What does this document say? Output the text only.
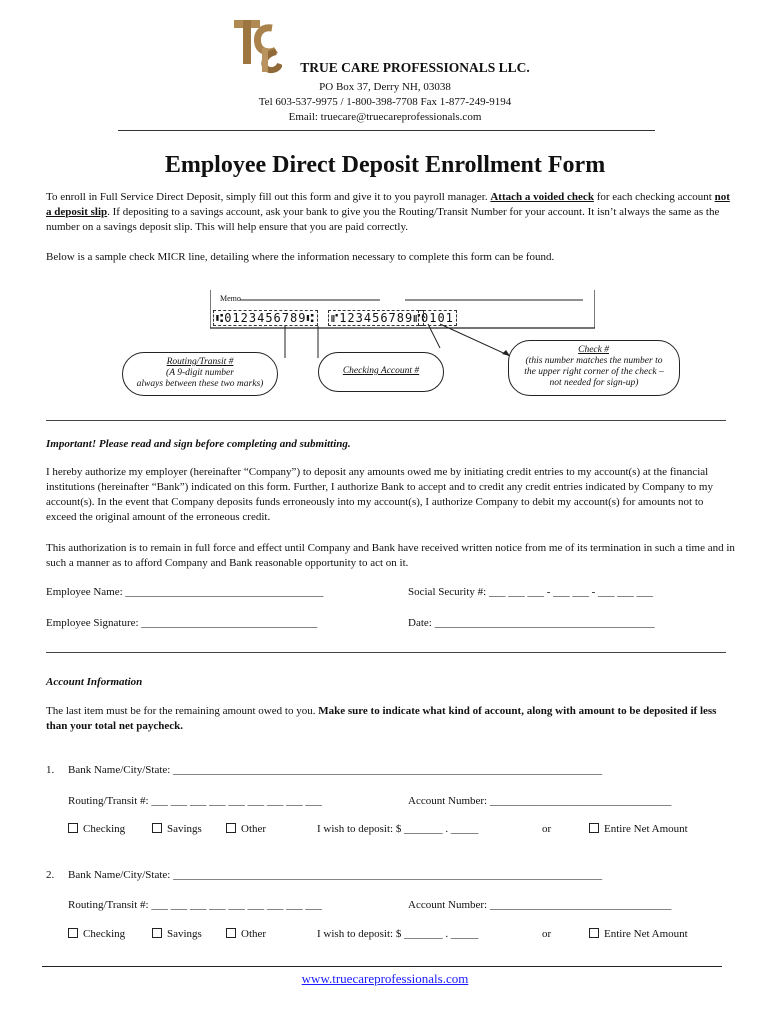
TRUE CARE PROFESSIONALS LLC.
PO Box 37, Derry NH, 03038
Tel 603-537-9975 / 1-800-398-7708 Fax 1-877-249-9194
Email: truecare@truecareprofessionals.com
Employee Direct Deposit Enrollment Form
To enroll in Full Service Direct Deposit, simply fill out this form and give it to you payroll manager. Attach a voided check for each checking account not a deposit slip. If depositing to a savings account, ask your bank to give you the Routing/Transit Number for your account. It isn’t always the same as the number on a savings deposit slip. This will help ensure that you are paid correctly.
Below is a sample check MICR line, detailing where the information necessary to complete this form can be found.
Memo
⑆0123456789⑆ ⑈123456789⑈ 0101
Routing/Transit #
(A 9-digit number
always between these two marks)
Checking Account #
Check #
(this number matches the number to
the upper right corner of the check –
not needed for sign-up)
Important! Please read and sign before completing and submitting.
I hereby authorize my employer (hereinafter “Company”) to deposit any amounts owed me by initiating credit entries to my account(s) at the financial institutions (hereinafter “Bank”) indicated on this form. Further, I authorize Bank to accept and to credit any credit entries indicated by Company to my account(s). In the event that Company deposits funds erroneously into my account(s), I authorize Company to debit my account(s) for amounts not to exceed the original amount of the erroneous credit.
This authorization is to remain in full force and effect until Company and Bank have received written notice from me of its termination in such a time and in such a manner as to afford Company and Bank reasonable opportunity to act on it.
Employee Name: ____________________________________	Social Security #: ___ ___ ___ - ___ ___ - ___ ___ ___
Employee Signature: ________________________________	Date: ________________________________________
Account Information
The last item must be for the remaining amount owed to you. Make sure to indicate what kind of account, along with amount to be deposited if less than your total net paycheck.
1. Bank Name/City/State: ______________________________________________________________________________
Routing/Transit #: ___ ___ ___ ___ ___ ___ ___ ___ ___	Account Number: _________________________________
Checking	Savings	Other	I wish to deposit: $ _______ . _____	or	Entire Net Amount
2. Bank Name/City/State: ______________________________________________________________________________
Routing/Transit #: ___ ___ ___ ___ ___ ___ ___ ___ ___	Account Number: _________________________________
Checking	Savings	Other	I wish to deposit: $ _______ . _____	or	Entire Net Amount
www.truecareprofessionals.com
